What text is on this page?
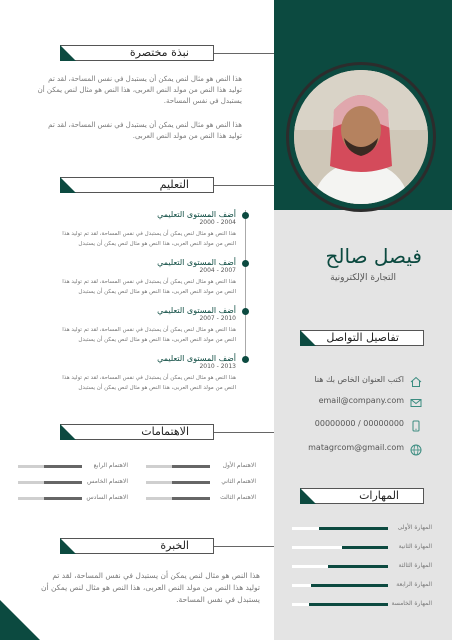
فيصل صالح
التجارة الإلكترونية
تفاصيل التواصل
اكتب العنوان الخاص بك هنا
email@company.com
00000000 / 00000000
matagrcom@gmail.com
المهارات
المهارة الأولى
المهارة الثانية
المهارة الثالثة
المهارة الرابعة
المهارة الخامسة
نبذة مختصرة
هذا النص هو مثال لنص يمكن أن يستبدل في نفس المساحة، لقد تم توليد هذا النص من مولد النص العربى، هذا النص هو مثال لنص يمكن أن يستبدل في نفس المساحة.
هذا النص هو مثال لنص يمكن أن يستبدل في نفس المساحة، لقد تم توليد هذا النص من مولد النص العربى.
التعليم
أضف المستوى التعليمي
2000 - 2004
هذا النص هو مثال لنص يمكن أن يستبدل في نفس المساحة، لقد تم توليد هذا النص من مولد النص العربى، هذا النص هو مثال لنص يمكن أن يستبدل
أضف المستوى التعليمي
2004 - 2007
هذا النص هو مثال لنص يمكن أن يستبدل في نفس المساحة، لقد تم توليد هذا النص من مولد النص العربى، هذا النص هو مثال لنص يمكن أن يستبدل
أضف المستوى التعليمي
2007 - 2010
هذا النص هو مثال لنص يمكن أن يستبدل في نفس المساحة، لقد تم توليد هذا النص من مولد النص العربى، هذا النص هو مثال لنص يمكن أن يستبدل
أضف المستوى التعليمي
2010 - 2013
هذا النص هو مثال لنص يمكن أن يستبدل في نفس المساحة، لقد تم توليد هذا النص من مولد النص العربى، هذا النص هو مثال لنص يمكن أن يستبدل
الاهتمامات
الاهتمام الأول
الاهتمام الرابع
الاهتمام الثاني
الاهتمام الخامس
الاهتمام الثالث
الاهتمام السادس
الخبرة
هذا النص هو مثال لنص يمكن أن يستبدل في نفس المساحة، لقد تم توليد هذا النص من مولد النص العربى، هذا النص هو مثال لنص يمكن أن يستبدل في نفس المساحة.
